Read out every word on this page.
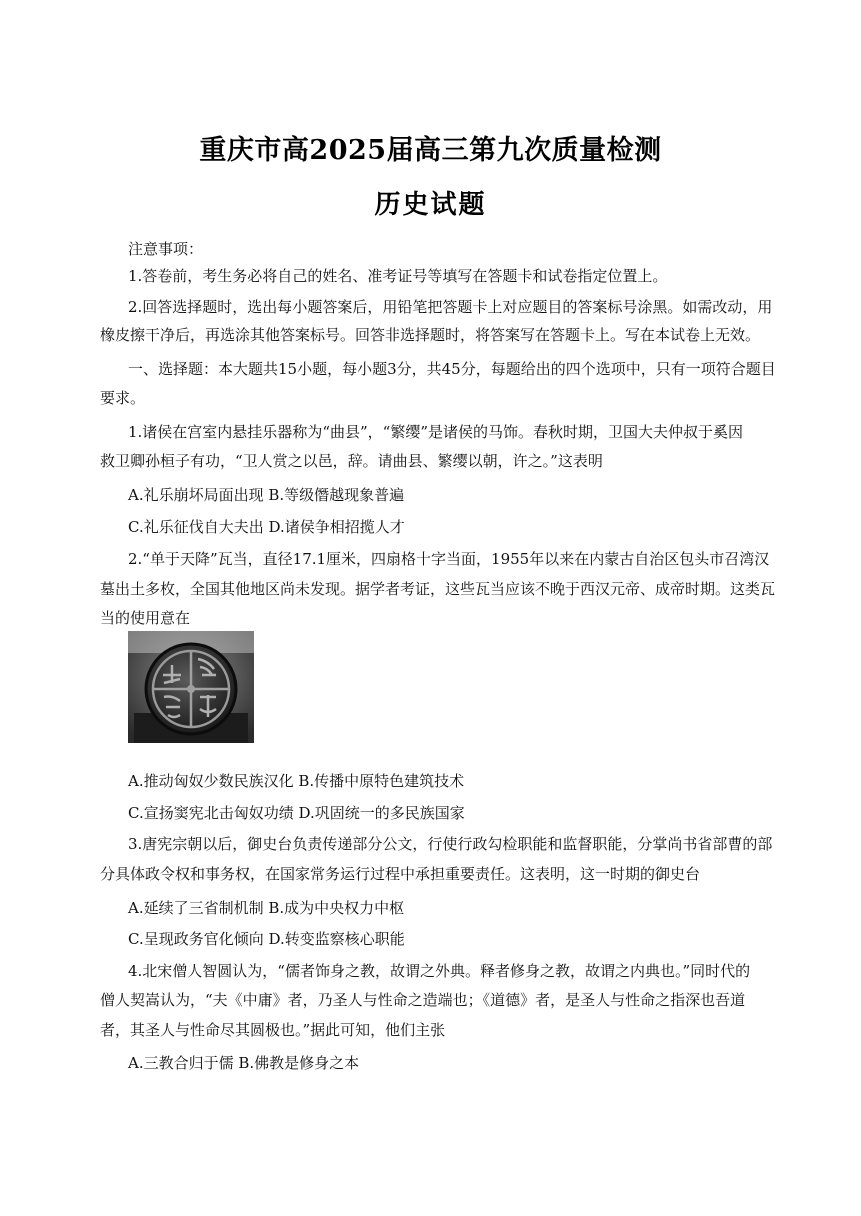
重庆市高2025届高三第九次质量检测
历史试题
注意事项：
1.答卷前，考生务必将自己的姓名、准考证号等填写在答题卡和试卷指定位置上。
2.回答选择题时，选出每小题答案后，用铅笔把答题卡上对应题目的答案标号涂黑。如需改动，用
橡皮擦干净后，再选涂其他答案标号。回答非选择题时，将答案写在答题卡上。写在本试卷上无效。
一、选择题：本大题共15小题，每小题3分，共45分，每题给出的四个选项中，只有一项符合题目
要求。
1.诸侯在宫室内悬挂乐器称为“曲县”，“繁缨”是诸侯的马饰。春秋时期，卫国大夫仲叔于奚因
救卫卿孙桓子有功，“卫人赏之以邑，辞。请曲县、繁缨以朝，许之。”这表明
A.礼乐崩坏局面出现 B.等级僭越现象普遍
C.礼乐征伐自大夫出 D.诸侯争相招揽人才
2.“单于天降”瓦当，直径17.1厘米，四扇格十字当面，1955年以来在内蒙古自治区包头市召湾汉
墓出土多枚，全国其他地区尚未发现。据学者考证，这些瓦当应该不晚于西汉元帝、成帝时期。这类瓦
当的使用意在
A.推动匈奴少数民族汉化 B.传播中原特色建筑技术
C.宣扬窦宪北击匈奴功绩 D.巩固统一的多民族国家
3.唐宪宗朝以后，御史台负责传递部分公文，行使行政勾检职能和监督职能，分掌尚书省部曹的部
分具体政令权和事务权，在国家常务运行过程中承担重要责任。这表明，这一时期的御史台
A.延续了三省制机制 B.成为中央权力中枢
C.呈现政务官化倾向 D.转变监察核心职能
4.北宋僧人智圆认为，“儒者饰身之教，故谓之外典。释者修身之教，故谓之内典也。”同时代的
僧人契嵩认为，“夫《中庸》者，乃圣人与性命之造端也；《道德》者，是圣人与性命之指深也吾道
者，其圣人与性命尽其圆极也。”据此可知，他们主张
A.三教合归于儒 B.佛教是修身之本
